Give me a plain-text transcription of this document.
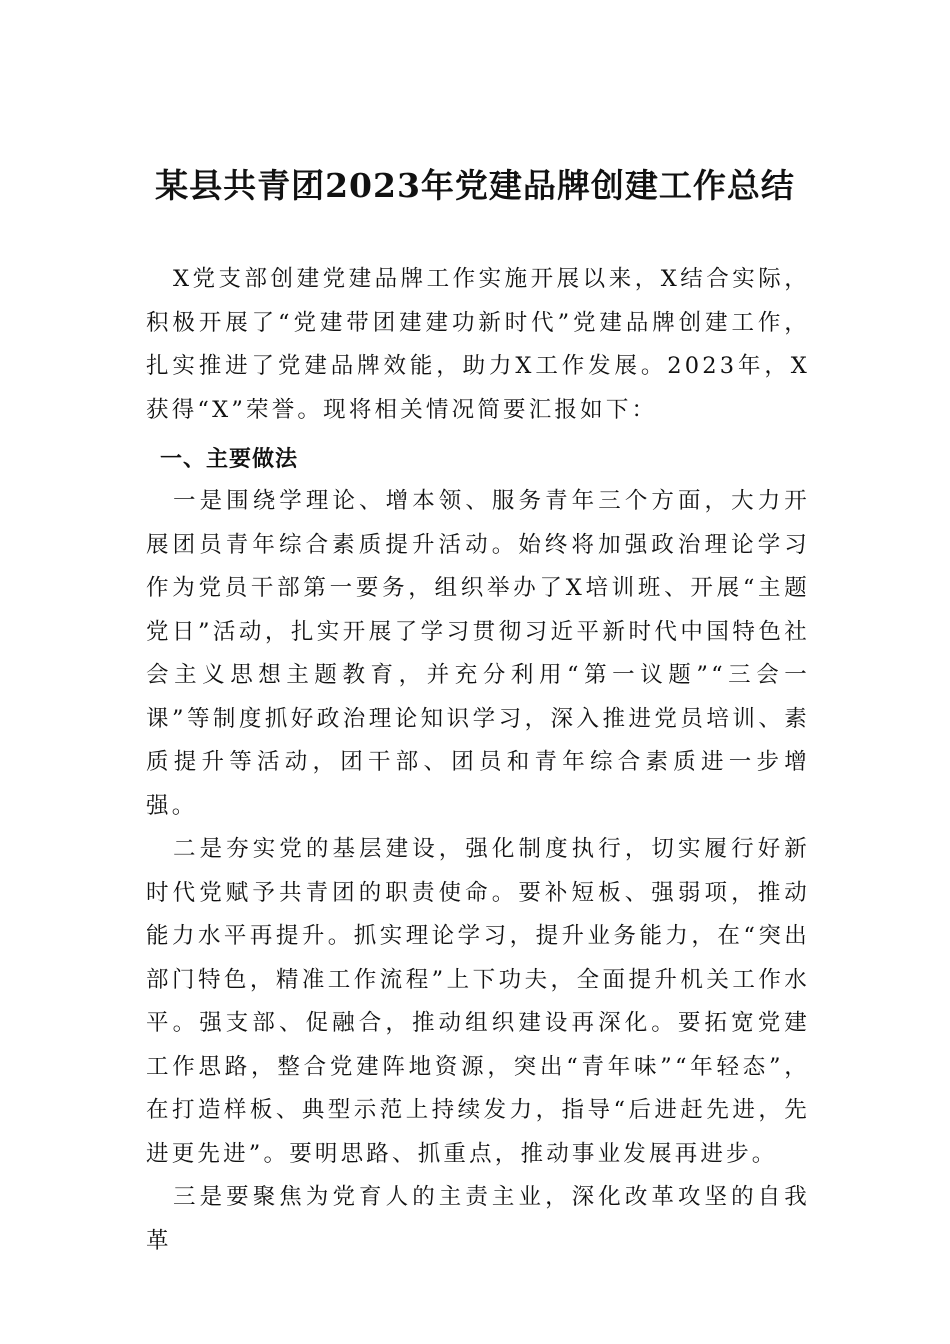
某县共青团2023年党建品牌创建工作总结

X党支部创建党建品牌工作实施开展以来，X结合实际，积极开展了“党建带团建建功新时代”党建品牌创建工作，扎实推进了党建品牌效能，助力X工作发展。2023年，X获得“X”荣誉。现将相关情况简要汇报如下：

一、主要做法

一是围绕学理论、增本领、服务青年三个方面，大力开展团员青年综合素质提升活动。始终将加强政治理论学习作为党员干部第一要务，组织举办了X培训班、开展“主题党日”活动，扎实开展了学习贯彻习近平新时代中国特色社会主义思想主题教育，并充分利用“第一议题”“三会一课”等制度抓好政治理论知识学习，深入推进党员培训、素质提升等活动，团干部、团员和青年综合素质进一步增强。

二是夯实党的基层建设，强化制度执行，切实履行好新时代党赋予共青团的职责使命。要补短板、强弱项，推动能力水平再提升。抓实理论学习，提升业务能力，在“突出部门特色，精准工作流程”上下功夫，全面提升机关工作水平。强支部、促融合，推动组织建设再深化。要拓宽党建工作思路，整合党建阵地资源，突出“青年味”“年轻态”，在打造样板、典型示范上持续发力，指导“后进赶先进，先进更先进”。要明思路、抓重点，推动事业发展再进步。

三是要聚焦为党育人的主责主业，深化改革攻坚的自我革
